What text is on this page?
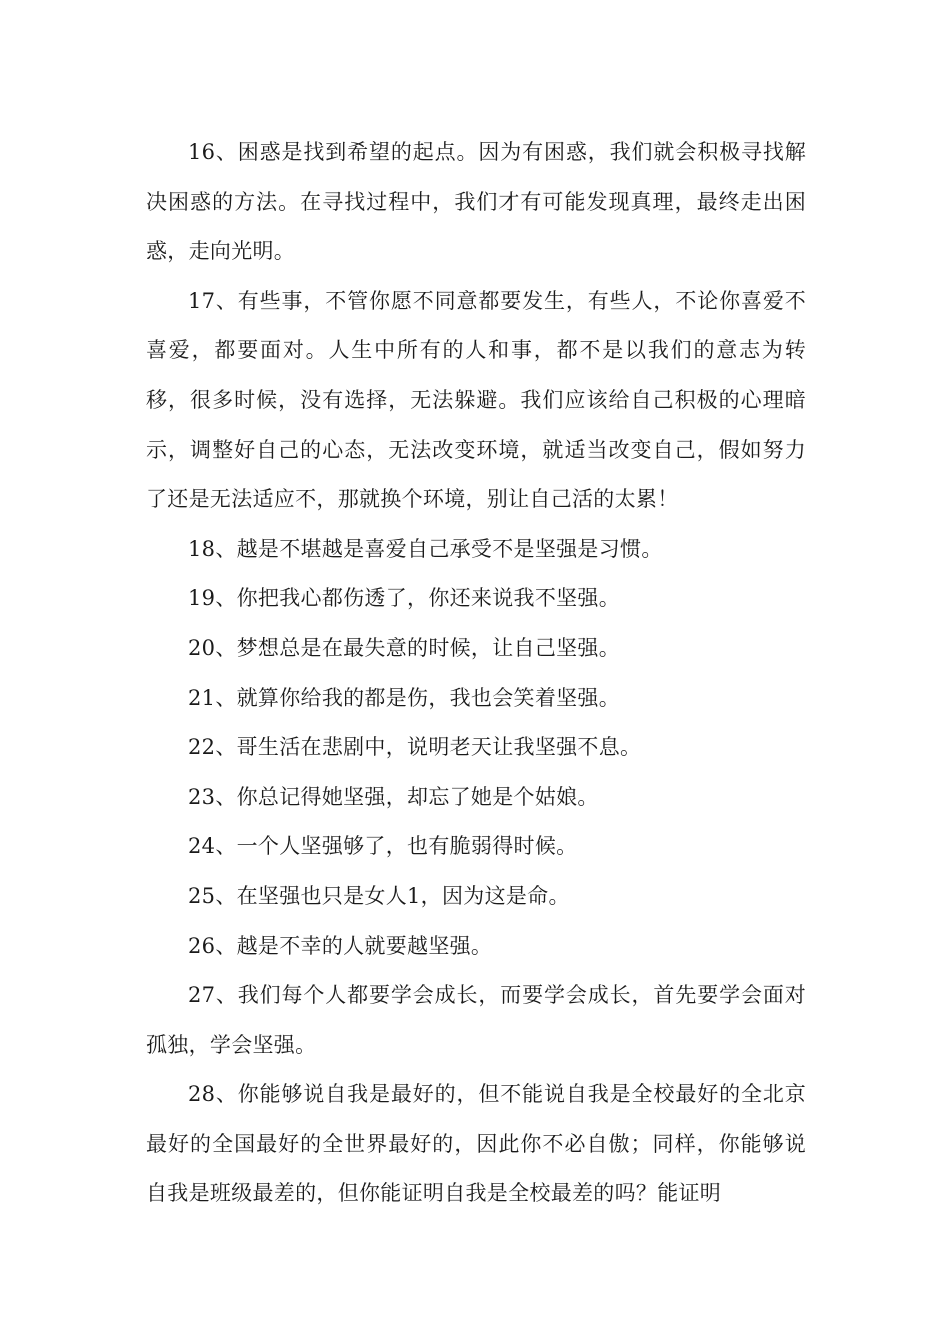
16、困惑是找到希望的起点。因为有困惑，我们就会积极寻找解决困惑的方法。在寻找过程中，我们才有可能发现真理，最终走出困惑，走向光明。

17、有些事，不管你愿不同意都要发生，有些人，不论你喜爱不喜爱，都要面对。人生中所有的人和事，都不是以我们的意志为转移，很多时候，没有选择，无法躲避。我们应该给自己积极的心理暗示，调整好自己的心态，无法改变环境，就适当改变自己，假如努力了还是无法适应不，那就换个环境，别让自己活的太累！

18、越是不堪越是喜爱自己承受不是坚强是习惯。

19、你把我心都伤透了，你还来说我不坚强。

20、梦想总是在最失意的时候，让自己坚强。

21、就算你给我的都是伤，我也会笑着坚强。

22、哥生活在悲剧中，说明老天让我坚强不息。

23、你总记得她坚强，却忘了她是个姑娘。

24、一个人坚强够了，也有脆弱得时候。

25、在坚强也只是女人1，因为这是命。

26、越是不幸的人就要越坚强。

27、我们每个人都要学会成长，而要学会成长，首先要学会面对孤独，学会坚强。

28、你能够说自我是最好的，但不能说自我是全校最好的全北京最好的全国最好的全世界最好的，因此你不必自傲；同样，你能够说自我是班级最差的，但你能证明自我是全校最差的吗？能证明
